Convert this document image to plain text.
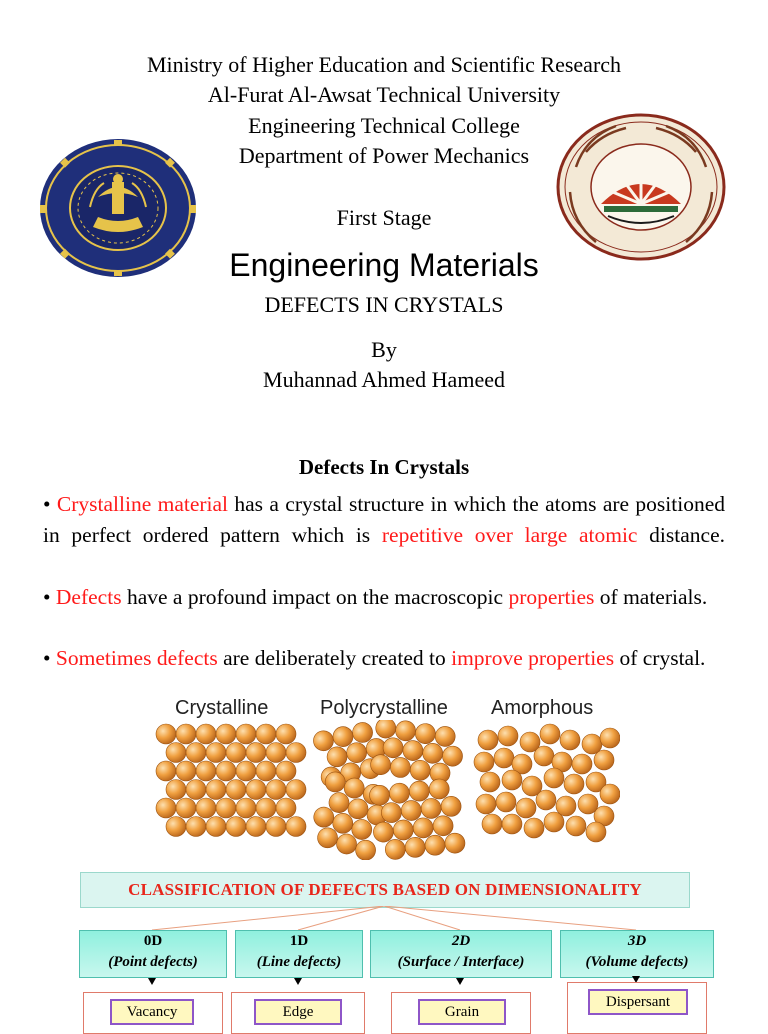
Ministry of Higher Education and Scientific Research
Al-Furat Al-Awsat Technical University
Engineering Technical College
Department of Power Mechanics
First Stage
Engineering Materials
DEFECTS IN CRYSTALS
By
Muhannad Ahmed Hameed
Defects In Crystals
• Crystalline material has a crystal structure in which the atoms are positioned in perfect ordered pattern which is repetitive over large atomic distance.
• Defects have a profound impact on the macroscopic properties of materials.
• Sometimes defects are deliberately created to improve properties of crystal.
Crystalline	Polycrystalline Amorphous
CLASSIFICATION OF DEFECTS BASED ON DIMENSIONALITY
0D
(Point defects)
1D
(Line defects)
2D
(Surface / Interface)
3D
(Volume defects)
Vacancy	Edge	Grain
Dispersant
